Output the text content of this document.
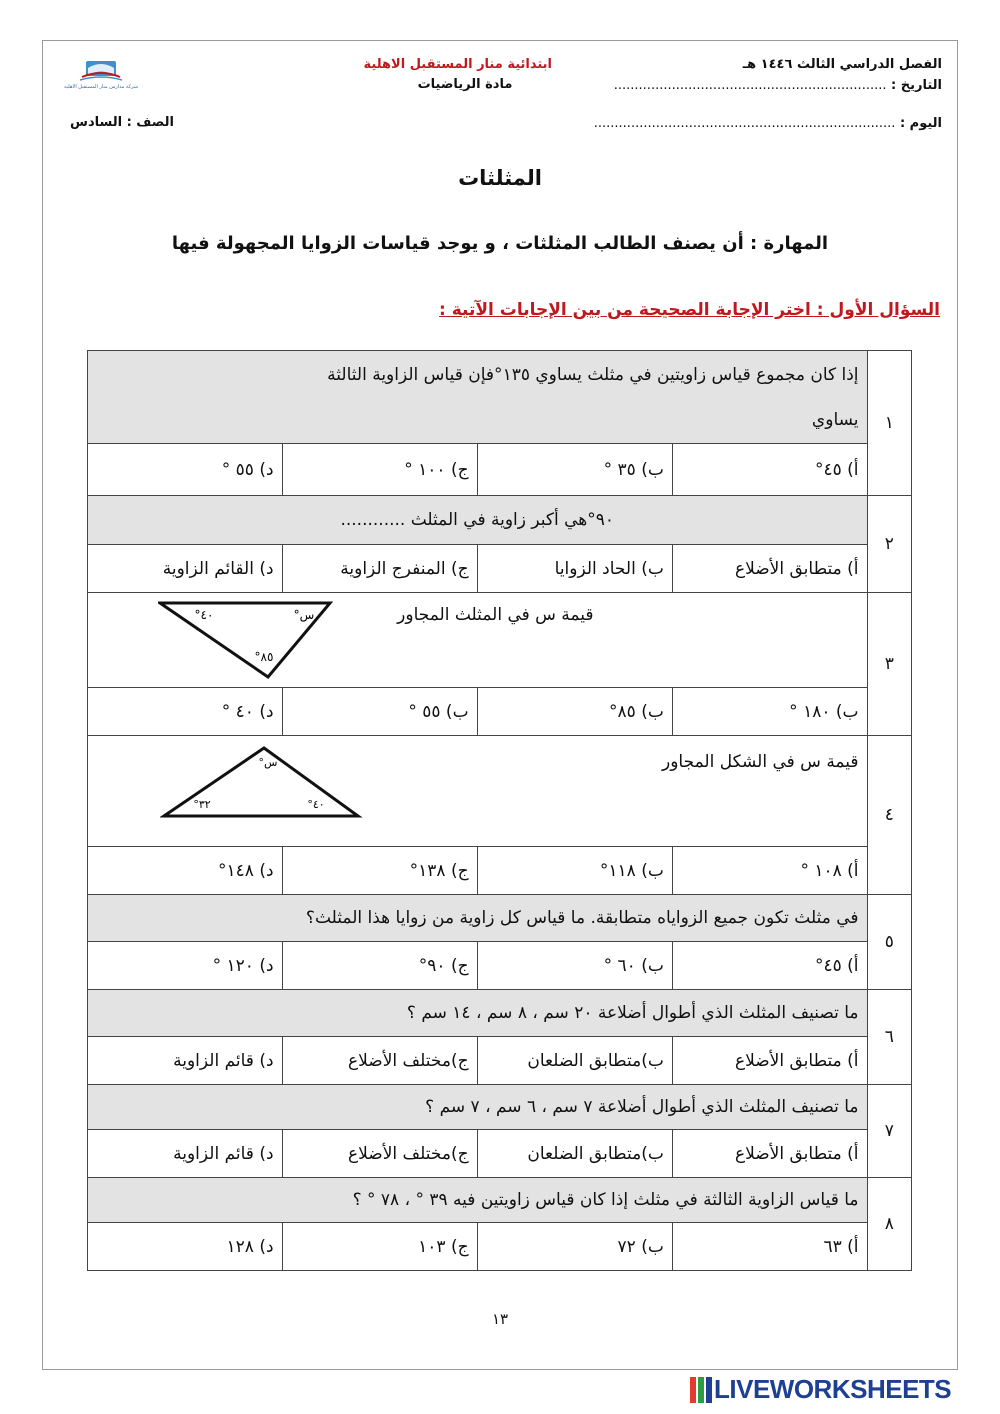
الفصل الدراسي الثالث ١٤٤٦ هـ
التاريخ : ..................................................................
اليوم : .........................................................................
ابتدائية منار المستقبل الاهلية
مادة الرياضيات
الصف : السادس
شركة مدارس منار المستقبل الأهلية
المثلثات
المهارة : أن يصنف الطالب المثلثات ، و يوجد قياسات الزوايا المجهولة فيها
السؤال الأول : اختر الإجابة الصحيحة من بين الإجابات الآتية :
١	إذا كان مجموع قياس زاويتين في مثلث يساوي ١٣٥°فإن قياس الزاوية الثالثة
يساوي			

	أ) ٤٥°	ب) ٣٥ °	ج) ١٠٠ °	د) ٥٥ °
٢	٩٠°هي أكبر زاوية في المثلث ............			

	أ) متطابق الأضلاع	ب) الحاد الزوايا	ج) المنفرج الزاوية	د) القائم الزاوية
٣	قيمة س في المثلث المجاور
س°
٤٠°
٨٥°			

	ب) ١٨٠ °	ب) ٨٥°	ب) ٥٥ °	د) ٤٠ °
٤	قيمة س في الشكل المجاور
س°
٣٢° ٤٠°			

	أ) ١٠٨ °	ب) ١١٨°	ج) ١٣٨°	د) ١٤٨°
٥	في مثلث تكون جميع الزواياه متطابقة. ما قياس كل زاوية من زوايا هذا المثلث؟			

	أ) ٤٥°	ب) ٦٠ °	ج) ٩٠°	د) ١٢٠ °
٦	ما تصنيف المثلث الذي أطوال أضلاعة ٢٠ سم ، ٨ سم ، ١٤ سم ؟			

	أ) متطابق الأضلاع	ب)متطابق الضلعان	ج)مختلف الأضلاع	د) قائم الزاوية
٧	ما تصنيف المثلث الذي أطوال أضلاعة ٧ سم ، ٦ سم ، ٧ سم ؟			

	أ) متطابق الأضلاع	ب)متطابق الضلعان	ج)مختلف الأضلاع	د) قائم الزاوية
٨	ما قياس الزاوية الثالثة في مثلث إذا كان قياس زاويتين فيه ٣٩ ° ، ٧٨ ° ؟			

	أ) ٦٣	ب) ٧٢	ج) ١٠٣	د) ١٢٨
١٣
LIVEWORKSHEETS
